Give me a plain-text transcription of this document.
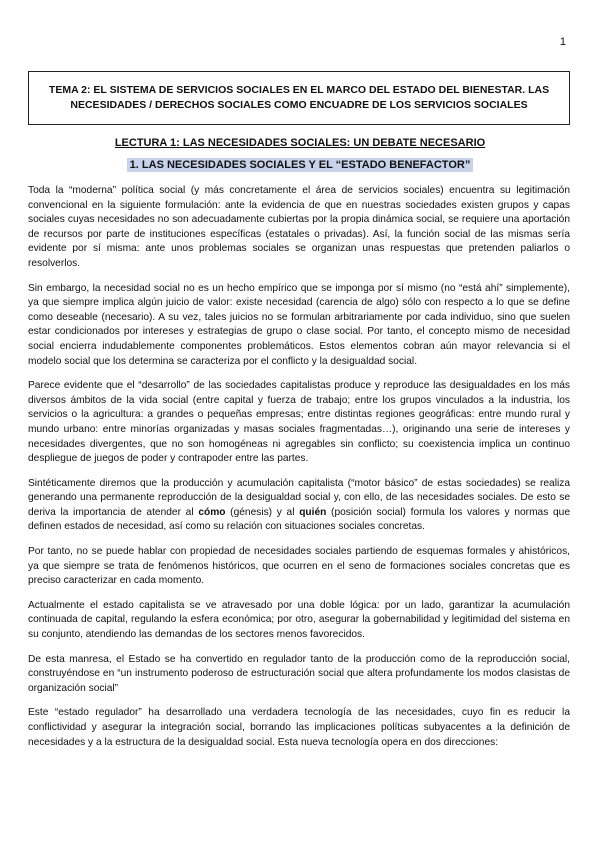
1
TEMA 2: EL SISTEMA DE SERVICIOS SOCIALES EN EL MARCO DEL ESTADO DEL BIENESTAR. LAS NECESIDADES / DERECHOS SOCIALES COMO ENCUADRE DE LOS SERVICIOS SOCIALES
LECTURA 1: LAS NECESIDADES SOCIALES: UN DEBATE NECESARIO
1. LAS NECESIDADES SOCIALES Y EL “ESTADO BENEFACTOR”

Toda la “moderna” política social (y más concretamente el área de servicios sociales) encuentra su legitimación convencional en la siguiente formulación: ante la evidencia de que en nuestras sociedades existen grupos y capas sociales cuyas necesidades no son adecuadamente cubiertas por la propia dinámica social, se requiere una aportación de recursos por parte de instituciones específicas (estatales o privadas). Así, la función social de las mismas sería evidente por sí misma: ante unos problemas sociales se organizan unas respuestas que pretenden paliarlos o resolverlos.

Sin embargo, la necesidad social no es un hecho empírico que se imponga por sí mismo (no “está ahí” simplemente), ya que siempre implica algún juicio de valor: existe necesidad (carencia de algo) sólo con respecto a lo que se define como deseable (necesario). A su vez, tales juicios no se formulan arbitrariamente por cada individuo, sino que suelen estar condicionados por intereses y estrategias de grupo o clase social. Por tanto, el concepto mismo de necesidad social encierra indudablemente componentes problemáticos. Estos elementos cobran aún mayor relevancia si el modelo social que los determina se caracteriza por el conflicto y la desigualdad social.

Parece evidente que el “desarrollo” de las sociedades capitalistas produce y reproduce las desigualdades en los más diversos ámbitos de la vida social (entre capital y fuerza de trabajo; entre los grupos vinculados a la industria, los servicios o la agricultura: a grandes o pequeñas empresas; entre distintas regiones geográficas: entre mundo rural y mundo urbano: entre minorías organizadas y masas sociales fragmentadas…), originando una serie de intereses y necesidades divergentes, que no son homogéneas ni agregables sin conflicto; su coexistencia implica un continuo despliegue de juegos de poder y contrapoder entre las partes.

Sintéticamente diremos que la producción y acumulación capitalista (“motor básico” de estas sociedades) se realiza generando una permanente reproducción de la desigualdad social y, con ello, de las necesidades sociales. De esto se deriva la importancia de atender al cómo (génesis) y al quién (posición social) formula los valores y normas que definen estados de necesidad, así como su relación con situaciones sociales concretas.

Por tanto, no se puede hablar con propiedad de necesidades sociales partiendo de esquemas formales y ahistóricos, ya que siempre se trata de fenómenos históricos, que ocurren en el seno de formaciones sociales concretas que es preciso caracterizar en cada momento.

Actualmente el estado capitalista se ve atravesado por una doble lógica: por un lado, garantizar la acumulación continuada de capital, regulando la esfera económica; por otro, asegurar la gobernabilidad y legitimidad del sistema en su conjunto, atendiendo las demandas de los sectores menos favorecidos.

De esta manresa, el Estado se ha convertido en regulador tanto de la producción como de la reproducción social, construyéndose en “un instrumento poderoso de estructuración social que altera profundamente los modos clasistas de organización social”

Este “estado regulador” ha desarrollado una verdadera tecnología de las necesidades, cuyo fin es reducir la conflictividad y asegurar la integración social, borrando las implicaciones políticas subyacentes a la definición de necesidades y a la estructura de la desigualdad social. Esta nueva tecnología opera en dos direcciones:
